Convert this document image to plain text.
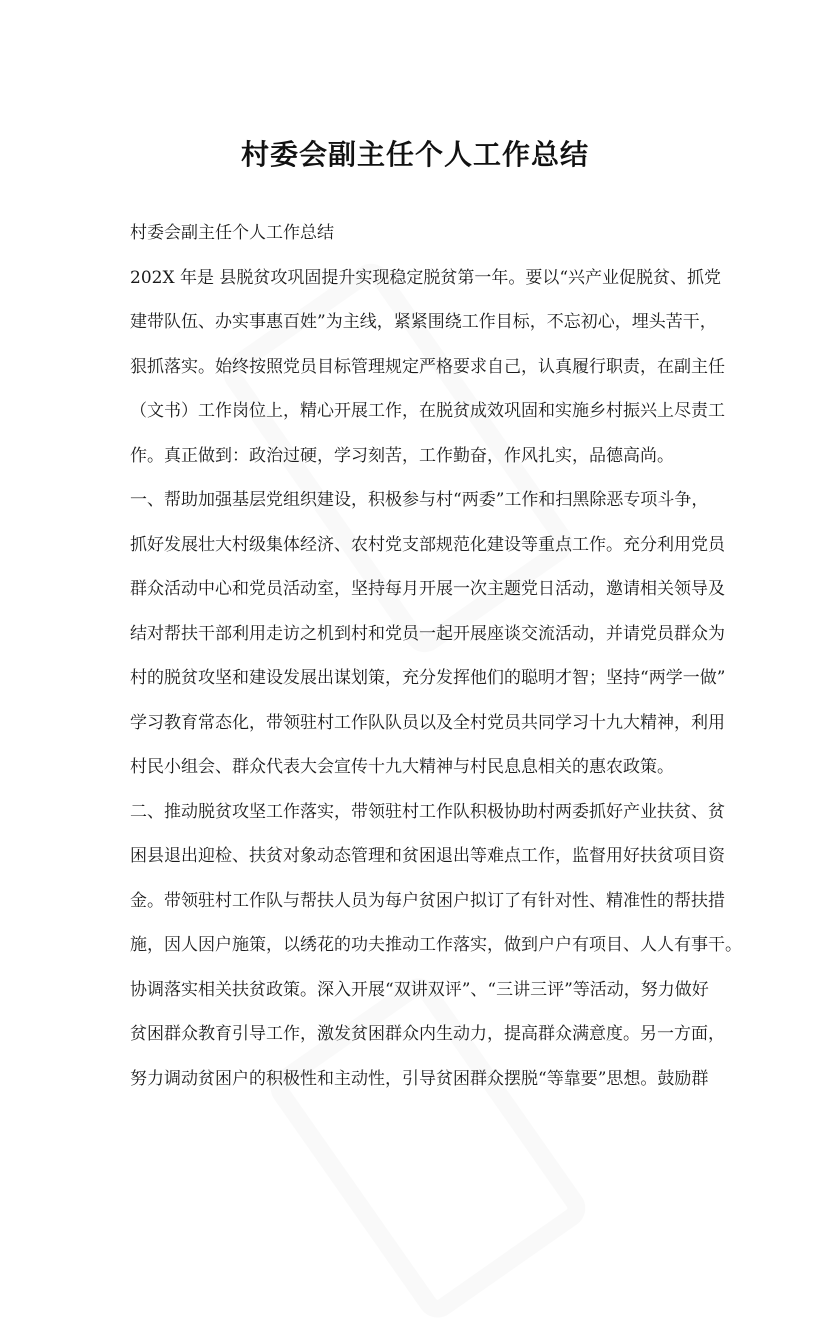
村委会副主任个人工作总结
村委会副主任个人工作总结
202X 年是 县脱贫攻巩固提升实现稳定脱贫第一年。要以“兴产业促脱贫、抓党
建带队伍、办实事惠百姓”为主线，紧紧围绕工作目标，不忘初心，埋头苦干，
狠抓落实。始终按照党员目标管理规定严格要求自己，认真履行职责，在副主任
（文书）工作岗位上，精心开展工作，在脱贫成效巩固和实施乡村振兴上尽责工
作。真正做到：政治过硬，学习刻苦，工作勤奋，作风扎实，品德高尚。
一、帮助加强基层党组织建设，积极参与村“两委”工作和扫黑除恶专项斗争，
抓好发展壮大村级集体经济、农村党支部规范化建设等重点工作。充分利用党员
群众活动中心和党员活动室，坚持每月开展一次主题党日活动，邀请相关领导及
结对帮扶干部利用走访之机到村和党员一起开展座谈交流活动，并请党员群众为
村的脱贫攻坚和建设发展出谋划策，充分发挥他们的聪明才智；坚持“两学一做”
学习教育常态化，带领驻村工作队队员以及全村党员共同学习十九大精神，利用
村民小组会、群众代表大会宣传十九大精神与村民息息相关的惠农政策。
二、推动脱贫攻坚工作落实，带领驻村工作队积极协助村两委抓好产业扶贫、贫
困县退出迎检、扶贫对象动态管理和贫困退出等难点工作，监督用好扶贫项目资
金。带领驻村工作队与帮扶人员为每户贫困户拟订了有针对性、精准性的帮扶措
施，因人因户施策，以绣花的功夫推动工作落实，做到户户有项目、人人有事干。
协调落实相关扶贫政策。深入开展“双讲双评”、“三讲三评”等活动，努力做好
贫困群众教育引导工作，激发贫困群众内生动力，提高群众满意度。另一方面，
努力调动贫困户的积极性和主动性，引导贫困群众摆脱“等靠要”思想。鼓励群
